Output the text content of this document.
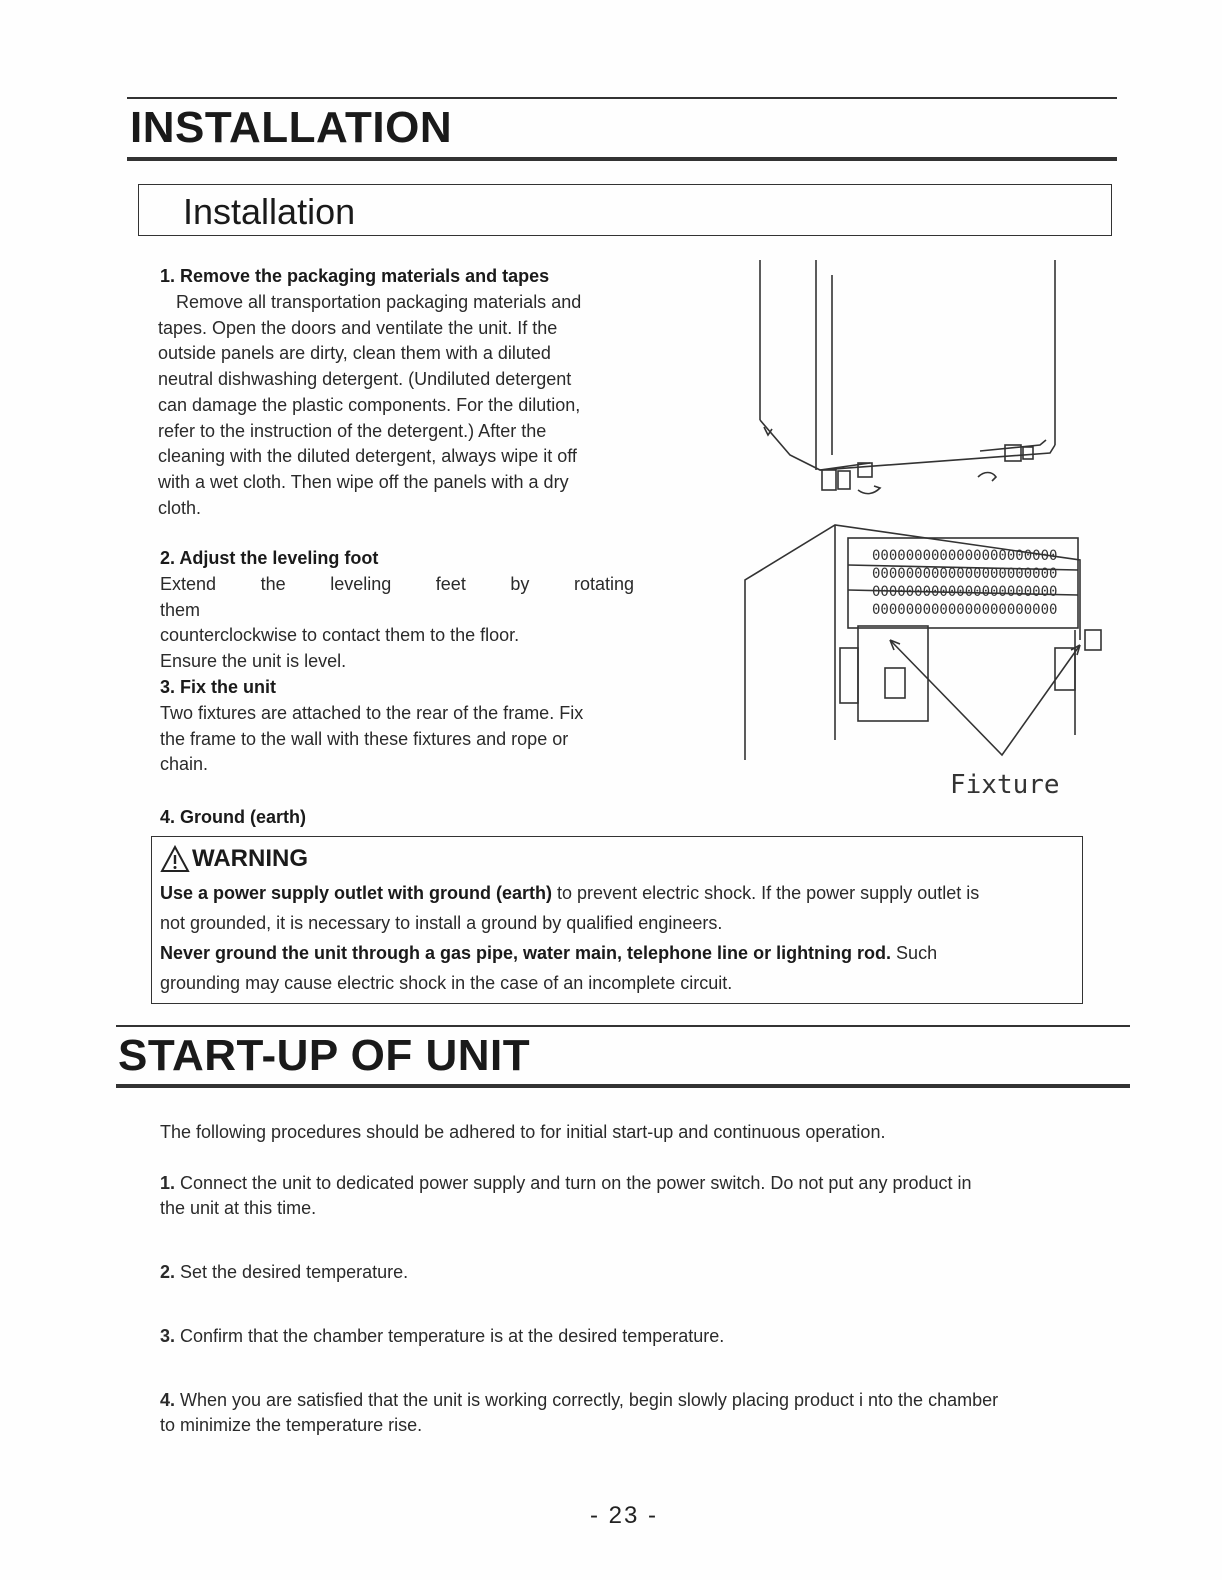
INSTALLATION
Installation
1. Remove the packaging materials and tapes
Remove all transportation packaging materials and
tapes. Open the doors and ventilate the unit. If the
outside panels are dirty, clean them with a diluted
neutral dishwashing detergent. (Undiluted detergent
can damage the plastic components. For the dilution,
refer to the instruction of the detergent.) After the
cleaning with the diluted detergent, always wipe it off
with a wet cloth. Then wipe off the panels with a dry
cloth.
2. Adjust the leveling foot
Extend the leveling feet by rotating them
counterclockwise to contact them to the floor.
Ensure the unit is level.
3. Fix the unit
Two fixtures are attached to the rear of the frame. Fix
the frame to the wall with these fixtures and rope or
chain.
4. Ground (earth)
0000000000000000000000
0000000000000000000000
0000000000000000000000
0000000000000000000000
Fixture
WARNING
Use a power supply outlet with ground (earth) to prevent electric shock. If the power supply outlet is
not grounded, it is necessary to install a ground by qualified engineers.
Never ground the unit through a gas pipe, water main, telephone line or lightning rod. Such
grounding may cause electric shock in the case of an incomplete circuit.
START-UP OF UNIT
The following procedures should be adhered to for initial start-up and continuous operation.
1. Connect the unit to dedicated power supply and turn on the power switch. Do not put any product in
the unit at this time.
2. Set the desired temperature.
3. Confirm that the chamber temperature is at the desired temperature.
4. When you are satisfied that the unit is working correctly, begin slowly placing product i nto the chamber
to minimize the temperature rise.
- 23 -
